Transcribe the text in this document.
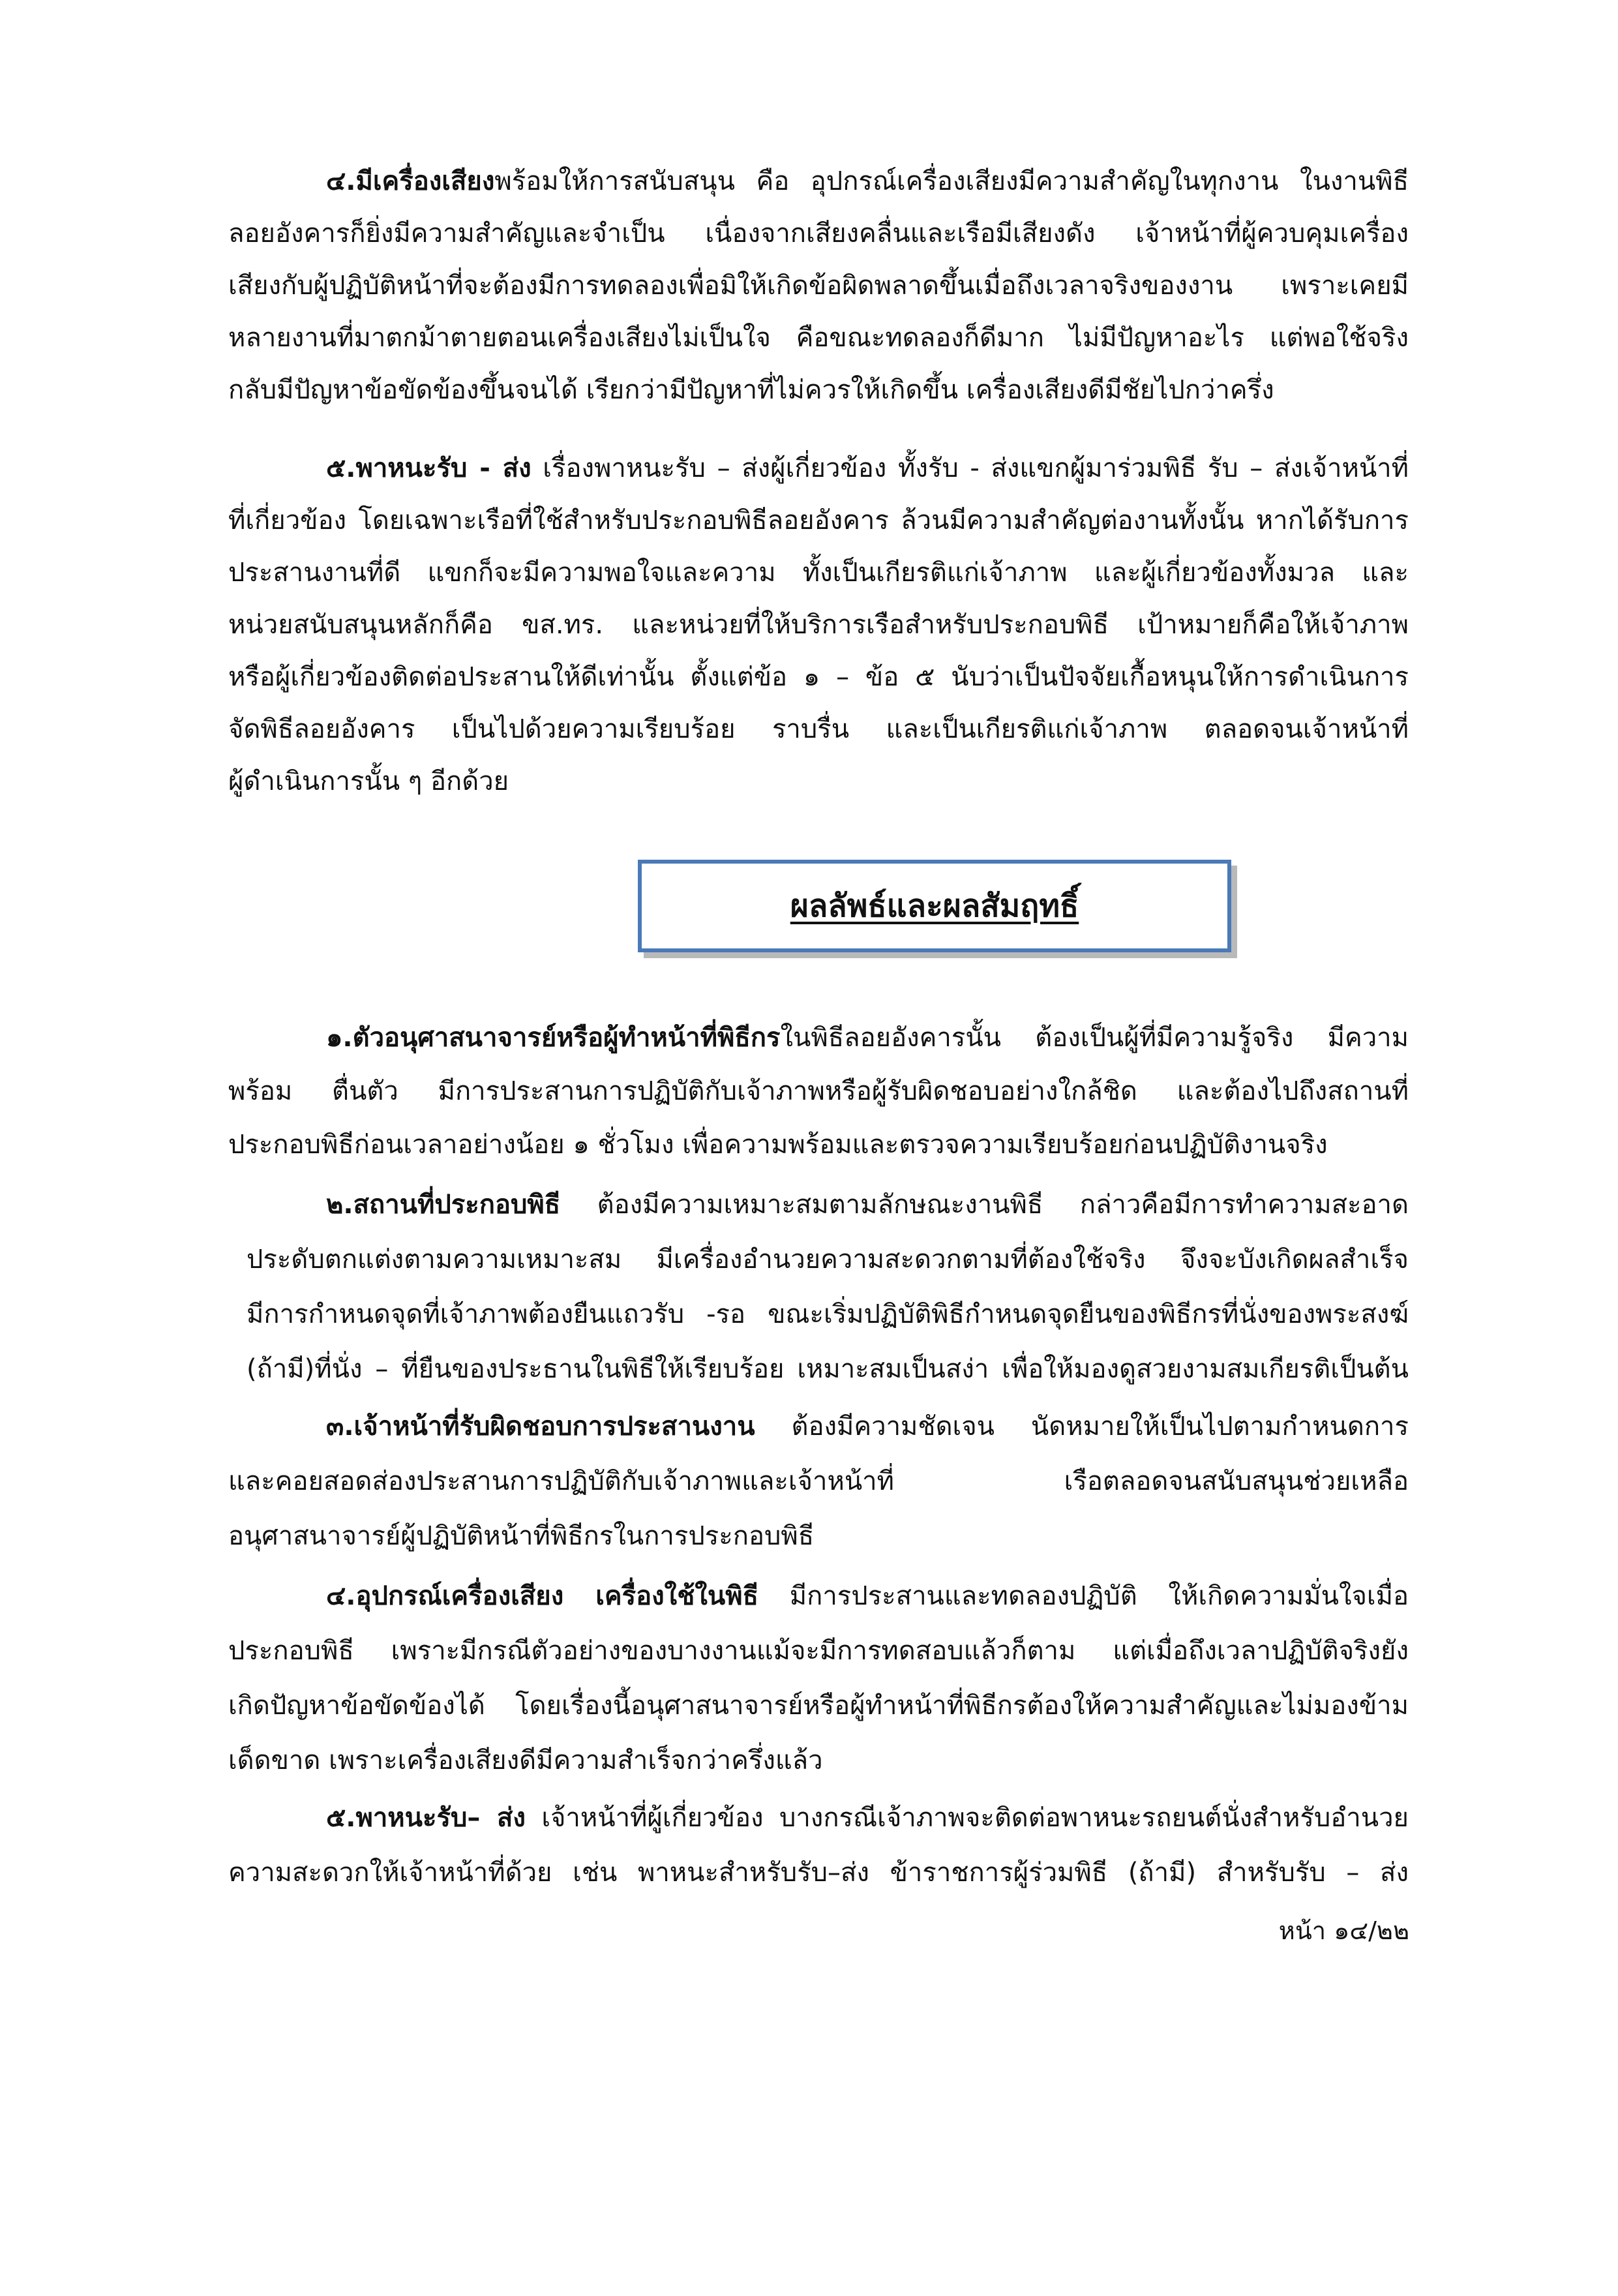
๔.มีเครื่องเสียงพร้อมให้การสนับสนุน คือ อุปกรณ์เครื่องเสียงมีความสำคัญในทุกงาน ในงานพิธี
ลอยอังคารก็ยิ่งมีความสำคัญและจำเป็น เนื่องจากเสียงคลื่นและเรือมีเสียงดัง เจ้าหน้าที่ผู้ควบคุมเครื่อง
เสียงกับผู้ปฏิบัติหน้าที่จะต้องมีการทดลองเพื่อมิให้เกิดข้อผิดพลาดขึ้นเมื่อถึงเวลาจริงของงาน เพราะเคยมี
หลายงานที่มาตกม้าตายตอนเครื่องเสียงไม่เป็นใจ คือขณะทดลองก็ดีมาก ไม่มีปัญหาอะไร แต่พอใช้จริง
กลับมีปัญหาข้อขัดข้องขึ้นจนได้ เรียกว่ามีปัญหาที่ไม่ควรให้เกิดขึ้น เครื่องเสียงดีมีชัยไปกว่าครึ่ง
๕.พาหนะรับ - ส่ง เรื่องพาหนะรับ – ส่งผู้เกี่ยวข้อง ทั้งรับ - ส่งแขกผู้มาร่วมพิธี รับ – ส่งเจ้าหน้าที่
ที่เกี่ยวข้อง โดยเฉพาะเรือที่ใช้สำหรับประกอบพิธีลอยอังคาร ล้วนมีความสำคัญต่องานทั้งนั้น หากได้รับการ
ประสานงานที่ดี แขกก็จะมีความพอใจและความ ทั้งเป็นเกียรติแก่เจ้าภาพ และผู้เกี่ยวข้องทั้งมวล และ
หน่วยสนับสนุนหลักก็คือ ขส.ทร. และหน่วยที่ให้บริการเรือสำหรับประกอบพิธี เป้าหมายก็คือให้เจ้าภาพ
หรือผู้เกี่ยวข้องติดต่อประสานให้ดีเท่านั้น ตั้งแต่ข้อ ๑ – ข้อ ๕ นับว่าเป็นปัจจัยเกื้อหนุนให้การดำเนินการ
จัดพิธีลอยอังคาร เป็นไปด้วยความเรียบร้อย ราบรื่น และเป็นเกียรติแก่เจ้าภาพ ตลอดจนเจ้าหน้าที่
ผู้ดำเนินการนั้น ๆ อีกด้วย
ผลลัพธ์และผลสัมฤทธิ์
๑.ตัวอนุศาสนาจารย์หรือผู้ทำหน้าที่พิธีกรในพิธีลอยอังคารนั้น ต้องเป็นผู้ที่มีความรู้จริง มีความ
พร้อม ตื่นตัว มีการประสานการปฏิบัติกับเจ้าภาพหรือผู้รับผิดชอบอย่างใกล้ชิด และต้องไปถึงสถานที่
ประกอบพิธีก่อนเวลาอย่างน้อย ๑ ชั่วโมง เพื่อความพร้อมและตรวจความเรียบร้อยก่อนปฏิบัติงานจริง
๒.สถานที่ประกอบพิธี ต้องมีความเหมาะสมตามลักษณะงานพิธี กล่าวคือมีการทำความสะอาด
ประดับตกแต่งตามความเหมาะสม มีเครื่องอำนวยความสะดวกตามที่ต้องใช้จริง จึงจะบังเกิดผลสำเร็จ
มีการกำหนดจุดที่เจ้าภาพต้องยืนแถวรับ -รอ ขณะเริ่มปฏิบัติพิธีกำหนดจุดยืนของพิธีกรที่นั่งของพระสงฆ์
(ถ้ามี)ที่นั่ง – ที่ยืนของประธานในพิธีให้เรียบร้อย เหมาะสมเป็นสง่า เพื่อให้มองดูสวยงามสมเกียรติเป็นต้น
๓.เจ้าหน้าที่รับผิดชอบการประสานงาน ต้องมีความชัดเจน นัดหมายให้เป็นไปตามกำหนดการ
และคอยสอดส่องประสานการปฏิบัติกับเจ้าภาพและเจ้าหน้าที่ เรือตลอดจนสนับสนุนช่วยเหลือ
อนุศาสนาจารย์ผู้ปฏิบัติหน้าที่พิธีกรในการประกอบพิธี
๔.อุปกรณ์เครื่องเสียง เครื่องใช้ในพิธี มีการประสานและทดลองปฏิบัติ ให้เกิดความมั่นใจเมื่อ
ประกอบพิธี เพราะมีกรณีตัวอย่างของบางงานแม้จะมีการทดสอบแล้วก็ตาม แต่เมื่อถึงเวลาปฏิบัติจริงยัง
เกิดปัญหาข้อขัดข้องได้ โดยเรื่องนี้อนุศาสนาจารย์หรือผู้ทำหน้าที่พิธีกรต้องให้ความสำคัญและไม่มองข้าม
เด็ดขาด เพราะเครื่องเสียงดีมีความสำเร็จกว่าครึ่งแล้ว
๕.พาหนะรับ– ส่ง เจ้าหน้าที่ผู้เกี่ยวข้อง บางกรณีเจ้าภาพจะติดต่อพาหนะรถยนต์นั่งสำหรับอำนวย
ความสะดวกให้เจ้าหน้าที่ด้วย เช่น พาหนะสำหรับรับ–ส่ง ข้าราชการผู้ร่วมพิธี (ถ้ามี) สำหรับรับ – ส่ง
หน้า ๑๔/๒๒
